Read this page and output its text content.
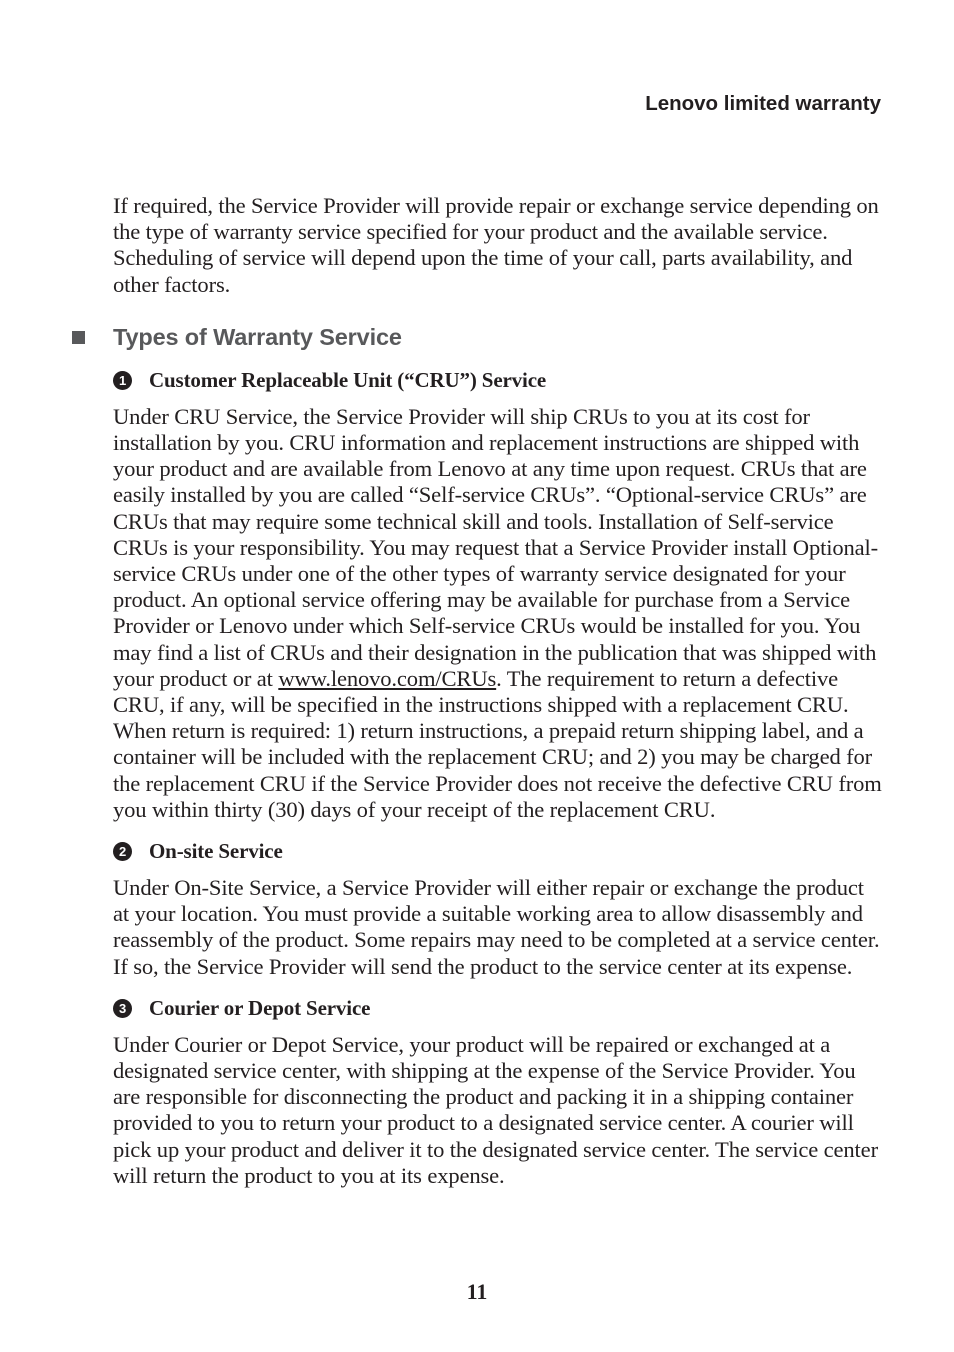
Lenovo limited warranty

If required, the Service Provider will provide repair or exchange service depending on the type of warranty service specified for your product and the available service. Scheduling of service will depend upon the time of your call, parts availability, and other factors.

Types of Warranty Service
1 Customer Replaceable Unit (“CRU”) Service

Under CRU Service, the Service Provider will ship CRUs to you at its cost for installation by you. CRU information and replacement instructions are shipped with your product and are available from Lenovo at any time upon request. CRUs that are easily installed by you are called “Self-service CRUs”. “Optional-service CRUs” are CRUs that may require some technical skill and tools. Installation of Self-service CRUs is your responsibility. You may request that a Service Provider install Optional-service CRUs under one of the other types of warranty service designated for your product. An optional service offering may be available for purchase from a Service Provider or Lenovo under which Self-service CRUs would be installed for you. You may find a list of CRUs and their designation in the publication that was shipped with your product or at www.lenovo.com/CRUs. The requirement to return a defective CRU, if any, will be specified in the instructions shipped with a replacement CRU. When return is required: 1) return instructions, a prepaid return shipping label, and a container will be included with the replacement CRU; and 2) you may be charged for the replacement CRU if the Service Provider does not receive the defective CRU from you within thirty (30) days of your receipt of the replacement CRU.

2 On-site Service

Under On-Site Service, a Service Provider will either repair or exchange the product at your location. You must provide a suitable working area to allow disassembly and reassembly of the product. Some repairs may need to be completed at a service center. If so, the Service Provider will send the product to the service center at its expense.

3 Courier or Depot Service

Under Courier or Depot Service, your product will be repaired or exchanged at a designated service center, with shipping at the expense of the Service Provider. You are responsible for disconnecting the product and packing it in a shipping container provided to you to return your product to a designated service center. A courier will pick up your product and deliver it to the designated service center. The service center will return the product to you at its expense.

11
